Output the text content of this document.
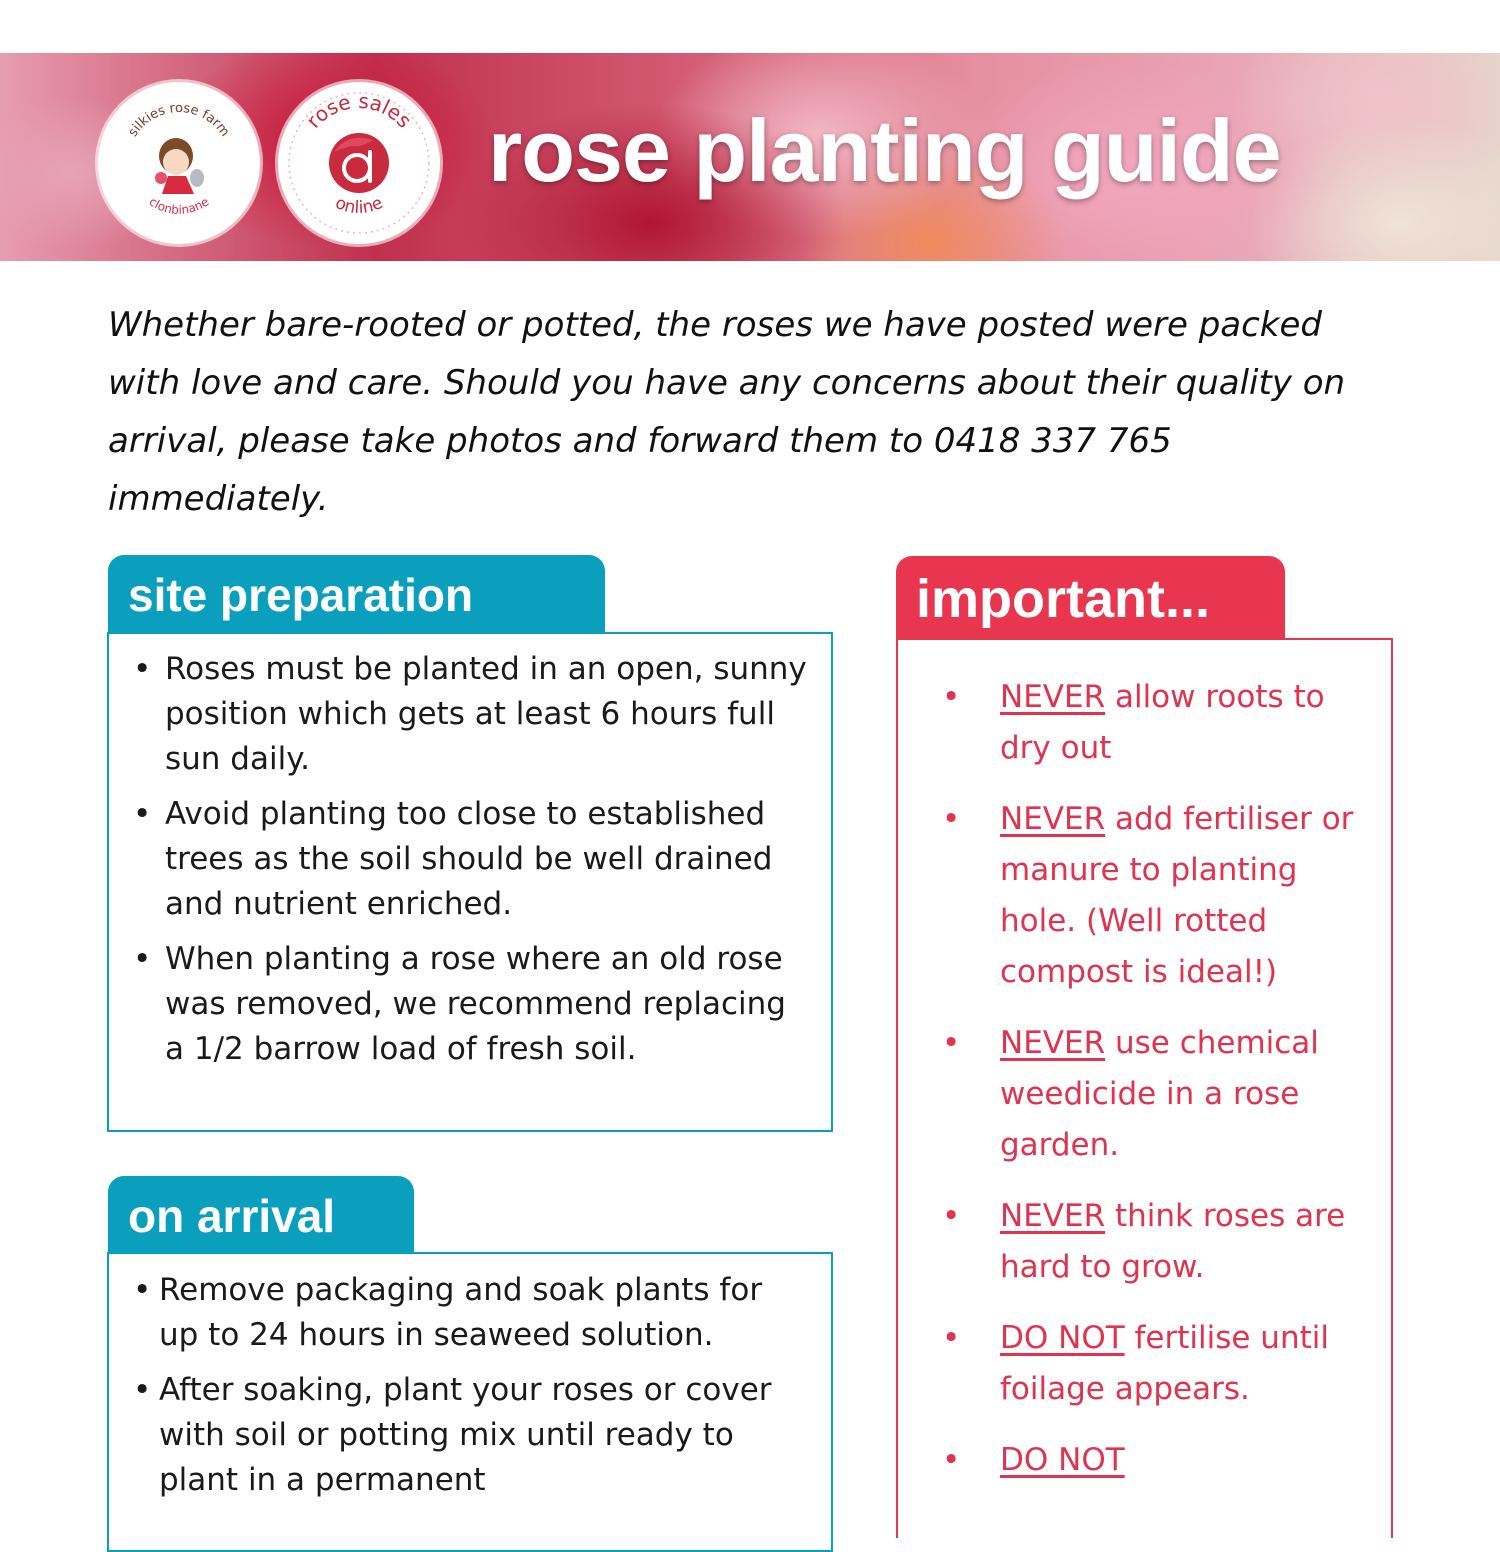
silkies rose farm
clonbinane
rose sales
online
rose planting guide

Whether bare-rooted or potted, the roses we have posted were packed with love and care. Should you have any concerns about their quality on arrival, please take photos and forward them to 0418 337 765 immediately.

site preparation
• Roses must be planted in an open, sunny position which gets at least 6 hours full sun daily.
• Avoid planting too close to established trees as the soil should be well drained and nutrient enriched.
• When planting a rose where an old rose was removed, we recommend replacing a 1/2 barrow load of fresh soil.
on arrival
• Remove packaging and soak plants for up to 24 hours in seaweed solution.
• After soaking, plant your roses or cover with soil or potting mix until ready to plant in a permanent
important...
• NEVER allow roots to dry out
• NEVER add fertiliser or manure to planting hole. (Well rotted compost is ideal!)
• NEVER use chemical weedicide in a rose garden.
• NEVER think roses are hard to grow.
• DO NOT fertilise until foilage appears.
• DO NOT
